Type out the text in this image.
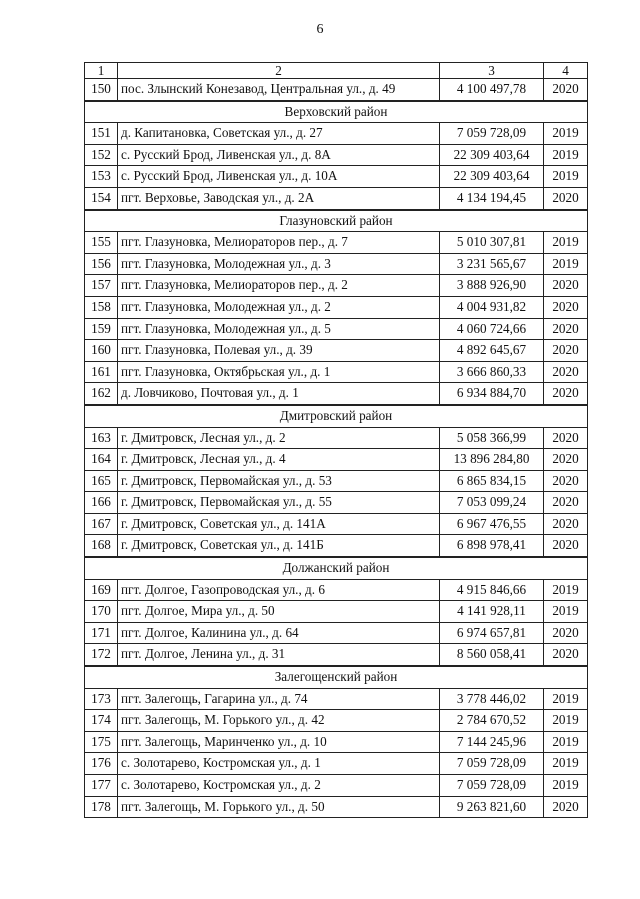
6
1	2	3	4
150	пос. Злынский Конезавод, Центральная ул., д. 49	4 100 497,78	2020
Верховский район			
151	д. Капитановка, Советская ул., д. 27	7 059 728,09	2019
152	с. Русский Брод, Ливенская ул., д. 8А	22 309 403,64	2019
153	с. Русский Брод, Ливенская ул., д. 10А	22 309 403,64	2019
154	пгт. Верховье, Заводская ул., д. 2А	4 134 194,45	2020
Глазуновский район			
155	пгт. Глазуновка, Мелиораторов пер., д. 7	5 010 307,81	2019
156	пгт. Глазуновка, Молодежная ул., д. 3	3 231 565,67	2019
157	пгт. Глазуновка, Мелиораторов пер., д. 2	3 888 926,90	2020
158	пгт. Глазуновка, Молодежная ул., д. 2	4 004 931,82	2020
159	пгт. Глазуновка, Молодежная ул., д. 5	4 060 724,66	2020
160	пгт. Глазуновка, Полевая ул., д. 39	4 892 645,67	2020
161	пгт. Глазуновка, Октябрьская ул., д. 1	3 666 860,33	2020
162	д. Ловчиково, Почтовая ул., д. 1	6 934 884,70	2020
Дмитровский район			
163	г. Дмитровск, Лесная ул., д. 2	5 058 366,99	2020
164	г. Дмитровск, Лесная ул., д. 4	13 896 284,80	2020
165	г. Дмитровск, Первомайская ул., д. 53	6 865 834,15	2020
166	г. Дмитровск, Первомайская ул., д. 55	7 053 099,24	2020
167	г. Дмитровск, Советская ул., д. 141А	6 967 476,55	2020
168	г. Дмитровск, Советская ул., д. 141Б	6 898 978,41	2020
Должанский район			
169	пгт. Долгое, Газопроводская ул., д. 6	4 915 846,66	2019
170	пгт. Долгое, Мира ул., д. 50	4 141 928,11	2019
171	пгт. Долгое, Калинина ул., д. 64	6 974 657,81	2020
172	пгт. Долгое, Ленина ул., д. 31	8 560 058,41	2020
Залегощенский район			
173	пгт. Залегощь, Гагарина ул., д. 74	3 778 446,02	2019
174	пгт. Залегощь, М. Горького ул., д. 42	2 784 670,52	2019
175	пгт. Залегощь, Маринченко ул., д. 10	7 144 245,96	2019
176	с. Золотарево, Костромская ул., д. 1	7 059 728,09	2019
177	с. Золотарево, Костромская ул., д. 2	7 059 728,09	2019
178	пгт. Залегощь, М. Горького ул., д. 50	9 263 821,60	2020
